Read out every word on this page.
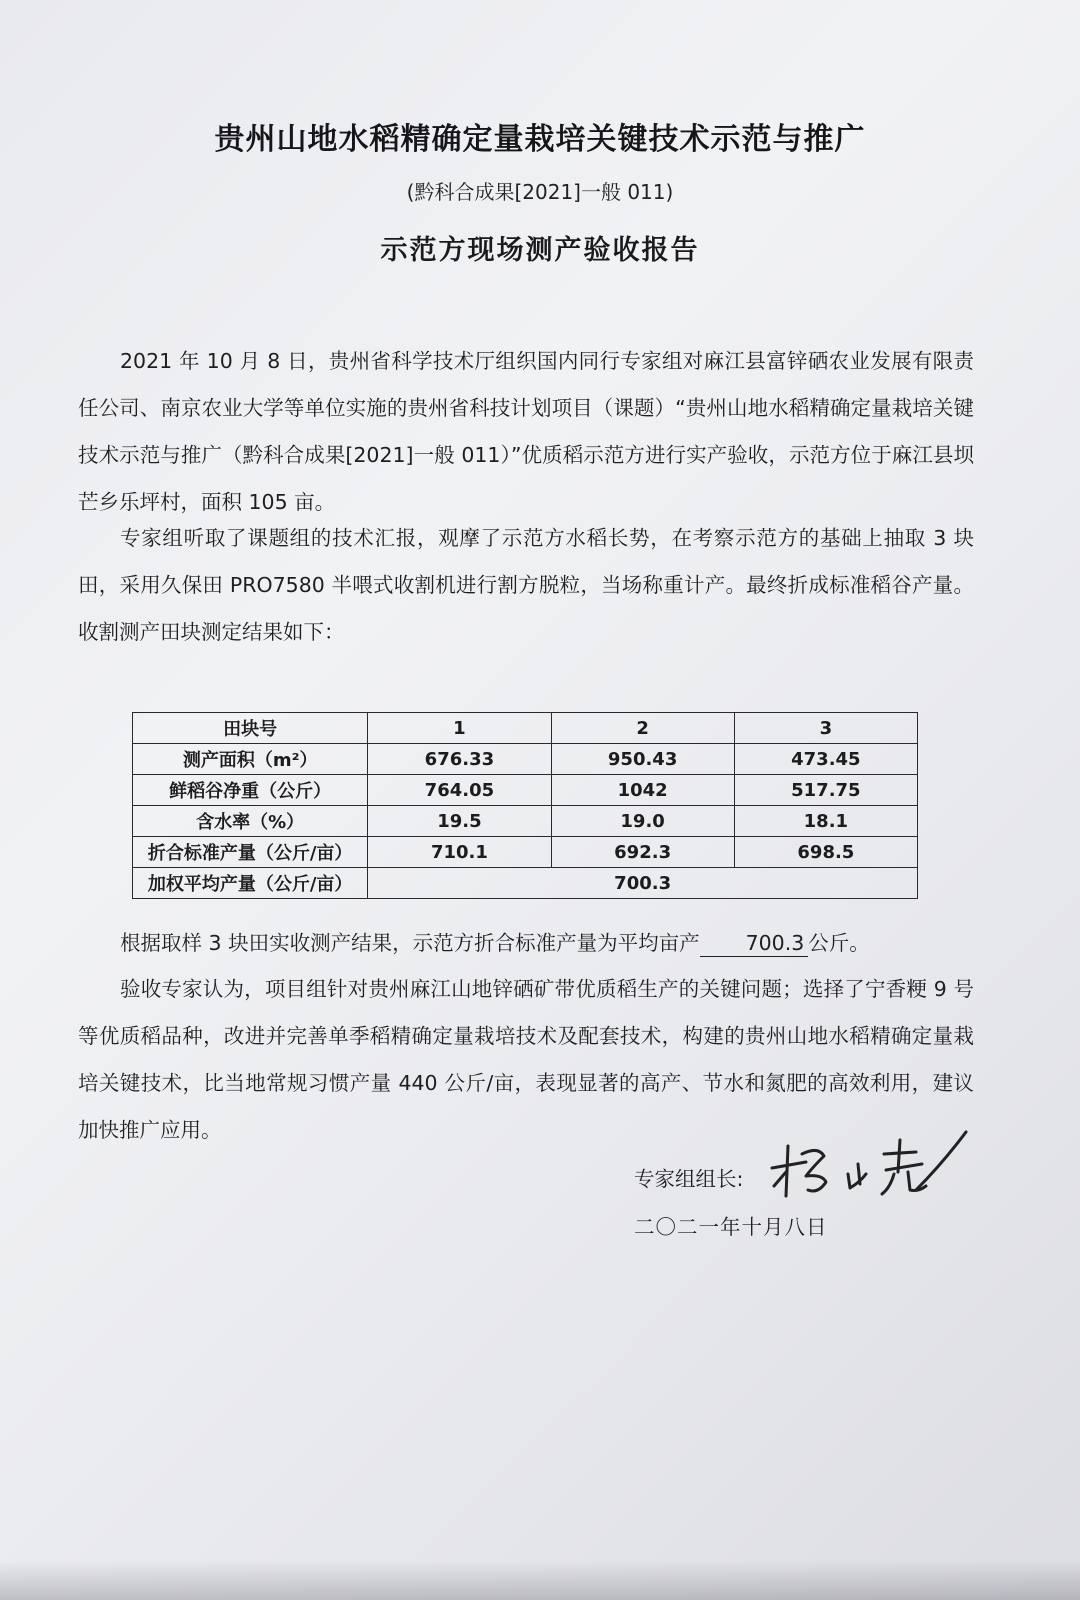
贵州山地水稻精确定量栽培关键技术示范与推广
(黔科合成果[2021]一般 011)
示范方现场测产验收报告

2021 年 10 月 8 日，贵州省科学技术厅组织国内同行专家组对麻江县富锌硒农业发展有限责任公司、南京农业大学等单位实施的贵州省科技计划项目（课题）“贵州山地水稻精确定量栽培关键技术示范与推广（黔科合成果[2021]一般 011）”优质稻示范方进行实产验收，示范方位于麻江县坝芒乡乐坪村，面积 105 亩。

专家组听取了课题组的技术汇报，观摩了示范方水稻长势，在考察示范方的基础上抽取 3 块田，采用久保田 PRO7580 半喂式收割机进行割方脱粒，当场称重计产。最终折成标准稻谷产量。收割测产田块测定结果如下：

田块号	1	2	3
测产面积（m²）	676.33	950.43	473.45
鲜稻谷净重（公斤）	764.05	1042	517.75
含水率（%）	19.5	19.0	18.1
折合标准产量（公斤/亩）	710.1	692.3	698.5
加权平均产量（公斤/亩）	700.3		

根据取样 3 块田实收测产结果，示范方折合标准产量为平均亩产 700.3 公斤。

验收专家认为，项目组针对贵州麻江山地锌硒矿带优质稻生产的关键问题；选择了宁香粳 9 号等优质稻品种，改进并完善单季稻精确定量栽培技术及配套技术，构建的贵州山地水稻精确定量栽培关键技术，比当地常规习惯产量 440 公斤/亩，表现显著的高产、节水和氮肥的高效利用，建议加快推广应用。

专家组组长:
二〇二一年十月八日
